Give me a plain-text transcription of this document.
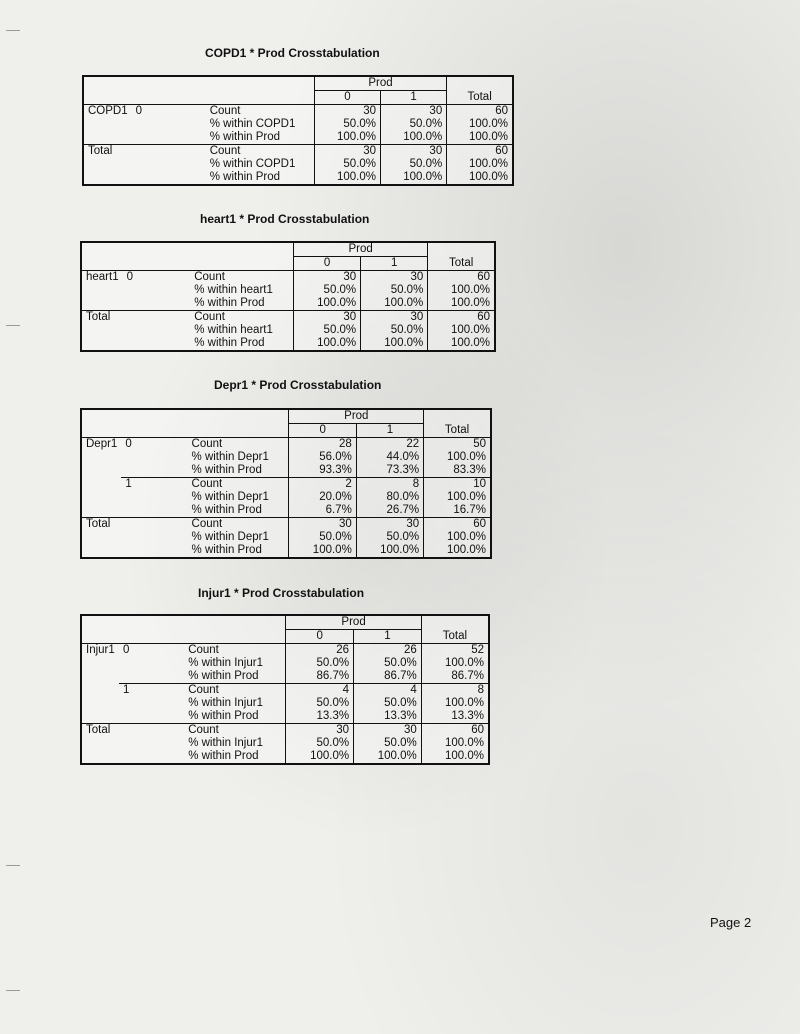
COPD1 * Prod Crosstabulation
			Prod		Total
			0	1	
COPD1	0	Count	30	30	60
		% within COPD1	50.0%	50.0%	100.0%
		% within Prod	100.0%	100.0%	100.0%
Total		Count	30	30	60
		% within COPD1	50.0%	50.0%	100.0%
		% within Prod	100.0%	100.0%	100.0%
heart1 * Prod Crosstabulation
			Prod		Total
			0	1	
heart1	0	Count	30	30	60
		% within heart1	50.0%	50.0%	100.0%
		% within Prod	100.0%	100.0%	100.0%
Total		Count	30	30	60
		% within heart1	50.0%	50.0%	100.0%
		% within Prod	100.0%	100.0%	100.0%
Depr1 * Prod Crosstabulation
			Prod		Total
			0	1	
Depr1	0	Count	28	22	50
		% within Depr1	56.0%	44.0%	100.0%
		% within Prod	93.3%	73.3%	83.3%
	1	Count	2	8	10
		% within Depr1	20.0%	80.0%	100.0%
		% within Prod	6.7%	26.7%	16.7%
Total		Count	30	30	60
		% within Depr1	50.0%	50.0%	100.0%
		% within Prod	100.0%	100.0%	100.0%
Injur1 * Prod Crosstabulation
			Prod		Total
			0	1	
Injur1	0	Count	26	26	52
		% within Injur1	50.0%	50.0%	100.0%
		% within Prod	86.7%	86.7%	86.7%
	1	Count	4	4	8
		% within Injur1	50.0%	50.0%	100.0%
		% within Prod	13.3%	13.3%	13.3%
Total		Count	30	30	60
		% within Injur1	50.0%	50.0%	100.0%
		% within Prod	100.0%	100.0%	100.0%
Page 2
